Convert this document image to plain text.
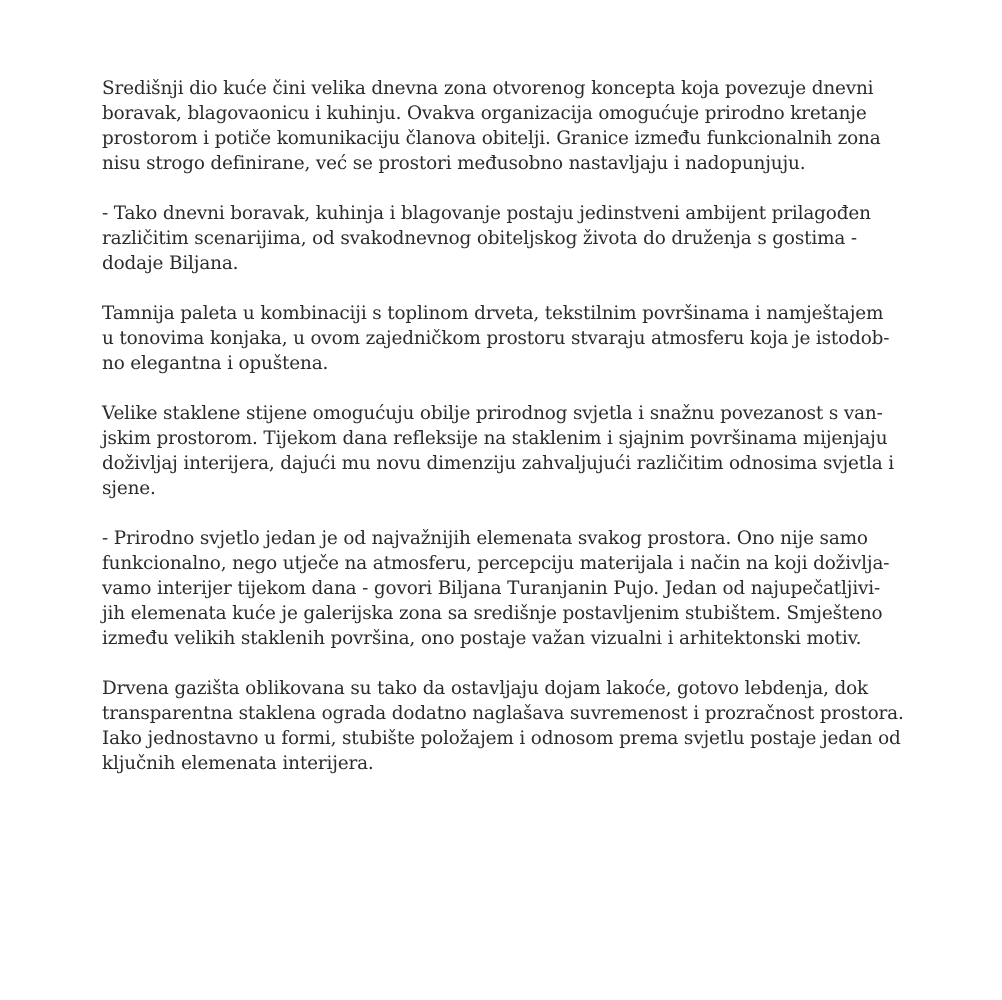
Središnji dio kuće čini velika dnevna zona otvorenog koncepta koja povezuje dnevni
boravak, blagovaonicu i kuhinju. Ovakva organizacija omogućuje prirodno kretanje
prostorom i potiče komunikaciju članova obitelji. Granice između funkcionalnih zona
nisu strogo definirane, već se prostori međusobno nastavljaju i nadopunjuju.

- Tako dnevni boravak, kuhinja i blagovanje postaju jedinstveni ambijent prilagođen
različitim scenarijima, od svakodnevnog obiteljskog života do druženja s gostima -
dodaje Biljana.

Tamnija paleta u kombinaciji s toplinom drveta, tekstilnim površinama i namještajem
u tonovima konjaka, u ovom zajedničkom prostoru stvaraju atmosferu koja je istodob-
no elegantna i opuštena.

Velike staklene stijene omogućuju obilje prirodnog svjetla i snažnu povezanost s van-
jskim prostorom. Tijekom dana refleksije na staklenim i sjajnim površinama mijenjaju
doživljaj interijera, dajući mu novu dimenziju zahvaljujući različitim odnosima svjetla i
sjene.

- Prirodno svjetlo jedan je od najvažnijih elemenata svakog prostora. Ono nije samo
funkcionalno, nego utječe na atmosferu, percepciju materijala i način na koji doživlja-
vamo interijer tijekom dana - govori Biljana Turanjanin Pujo. Jedan od najupečatljivi-
jih elemenata kuće je galerijska zona sa središnje postavljenim stubištem. Smješteno
između velikih staklenih površina, ono postaje važan vizualni i arhitektonski motiv.

Drvena gazišta oblikovana su tako da ostavljaju dojam lakoće, gotovo lebdenja, dok
transparentna staklena ograda dodatno naglašava suvremenost i prozračnost prostora.
Iako jednostavno u formi, stubište položajem i odnosom prema svjetlu postaje jedan od
ključnih elemenata interijera.
